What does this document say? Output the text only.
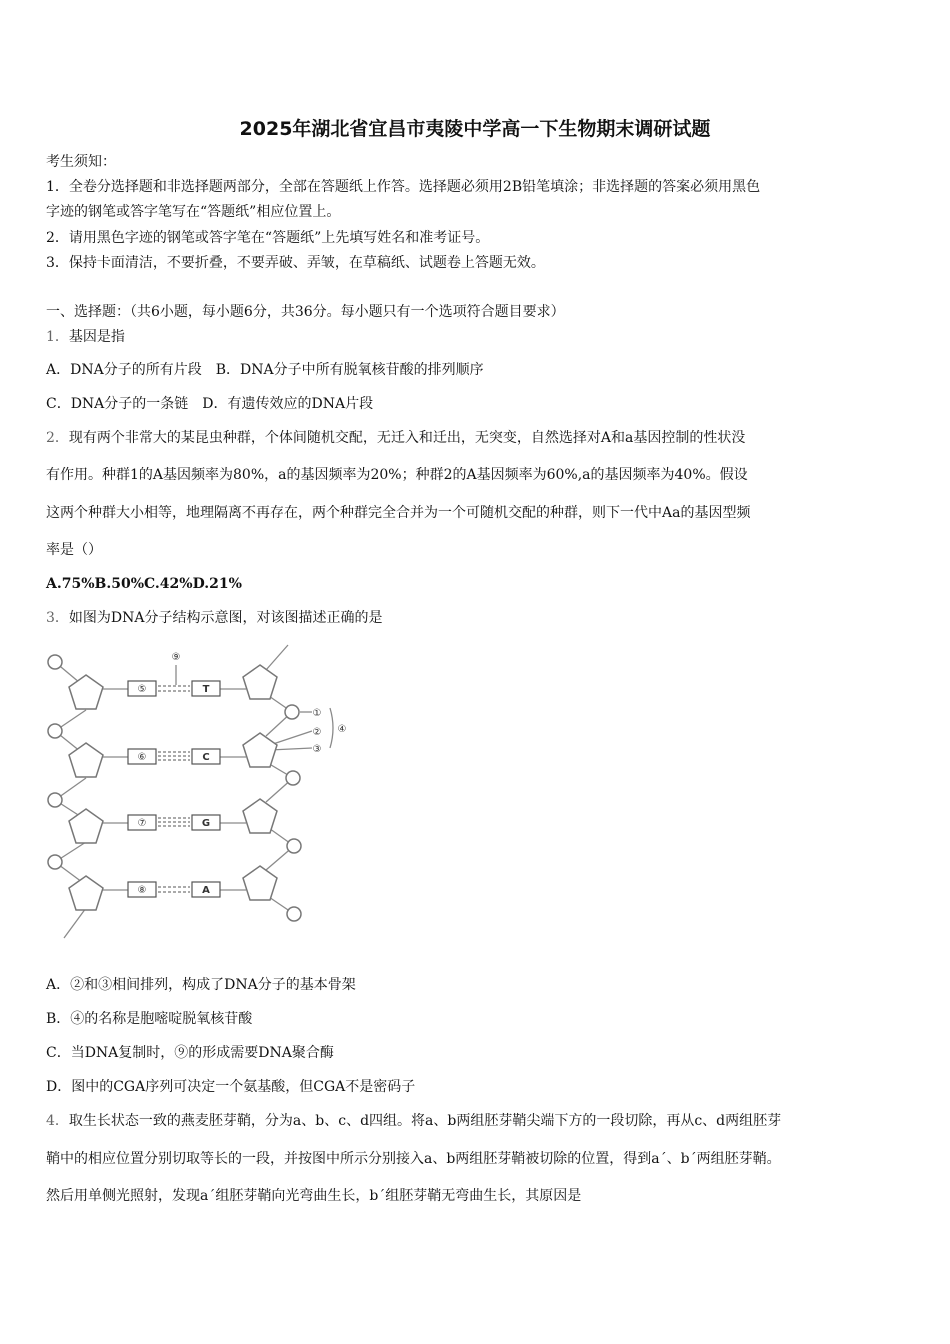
2025年湖北省宜昌市夷陵中学高一下生物期末调研试题
考生须知：
1．全卷分选择题和非选择题两部分，全部在答题纸上作答。选择题必须用2B铅笔填涂；非选择题的答案必须用黑色
字迹的钢笔或答字笔写在“答题纸”相应位置上。
2．请用黑色字迹的钢笔或答字笔在“答题纸”上先填写姓名和准考证号。
3．保持卡面清洁，不要折叠，不要弄破、弄皱，在草稿纸、试题卷上答题无效。
一、选择题：（共6小题，每小题6分，共36分。每小题只有一个选项符合题目要求）
1．基因是指
A．DNA分子的所有片段　B．DNA分子中所有脱氧核苷酸的排列顺序
C．DNA分子的一条链　D．有遗传效应的DNA片段
2．现有两个非常大的某昆虫种群，个体间随机交配，无迁入和迁出，无突变，自然选择对A和a基因控制的性状没
有作用。种群1的A基因频率为80%，a的基因频率为20%；种群2的A基因频率为60%,a的基因频率为40%。假设
这两个种群大小相等，地理隔离不再存在，两个种群完全合并为一个可随机交配的种群，则下一代中Aa的基因型频
率是（）
A.75%B.50%C.42%D.21%
3．如图为DNA分子结构示意图，对该图描述正确的是
⑤
⑥
⑦
⑧
T
C
G
A
⑨
①
②
③
④
A．②和③相间排列，构成了DNA分子的基本骨架
B．④的名称是胞嘧啶脱氧核苷酸
C．当DNA复制时，⑨的形成需要DNA聚合酶
D．图中的CGA序列可决定一个氨基酸，但CGA不是密码子
4．取生长状态一致的燕麦胚芽鞘，分为a、b、c、d四组。将a、b两组胚芽鞘尖端下方的一段切除，再从c、d两组胚芽
鞘中的相应位置分别切取等长的一段，并按图中所示分别接入a、b两组胚芽鞘被切除的位置，得到a´、b´两组胚芽鞘。
然后用单侧光照射，发现a´组胚芽鞘向光弯曲生长，b´组胚芽鞘无弯曲生长，其原因是
